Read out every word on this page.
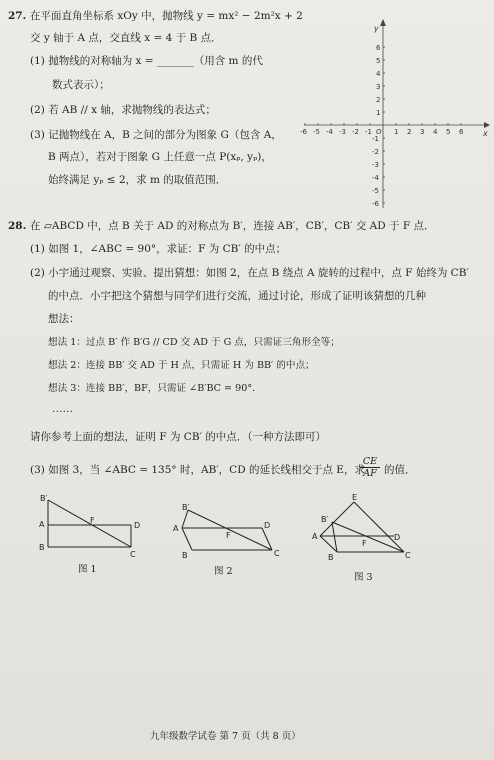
27. 在平面直角坐标系 xOy 中，抛物线 y = mx² − 2m²x + 2
交 y 轴于 A 点，交直线 x = 4 于 B 点．
(1) 抛物线的对称轴为 x = _______（用含 m 的代
数式表示）；
(2) 若 AB // x 轴，求抛物线的表达式；
(3) 记抛物线在 A，B 之间的部分为图象 G（包含 A，
B 两点），若对于图象 G 上任意一点 P(xₚ, yₚ)，
始终满足 yₚ ≤ 2，求 m 的取值范围．
-6 -5 -4 -3 -2 -1	1 2 3 4 5 6
6
5
4
3
2
1
-1
-2
-3
-4
-5
-6
x
y
O
28. 在 ▱ABCD 中，点 B 关于 AD 的对称点为 B′，连接 AB′，CB′，CB′ 交 AD 于 F 点．
(1) 如图 1，∠ABC = 90°，求证：F 为 CB′ 的中点；
(2) 小宇通过观察、实验、提出猜想：如图 2，在点 B 绕点 A 旋转的过程中，点 F 始终为 CB′
的中点．小宇把这个猜想与同学们进行交流，通过讨论，形成了证明该猜想的几种
想法：
想法 1：过点 B′ 作 B′G // CD 交 AD 于 G 点，只需证三角形全等；
想法 2：连接 BB′ 交 AD 于 H 点，只需证 H 为 BB′ 的中点；
想法 3：连接 BB′，BF，只需证 ∠B′BC = 90°．
……
请你参考上面的想法，证明 F 为 CB′ 的中点．（一种方法即可）
(3) 如图 3，当 ∠ABC = 135° 时，AB′，CD 的延长线相交于点 E，求
$\frac{CE}{AF}$ 的值．
B′
A	F
D
B
C
图 1
B′
A
F
D
B	C
图 2
E
B′
A
F
D
B	C
图 3
九年级数学试卷 第 7 页（共 8 页）
